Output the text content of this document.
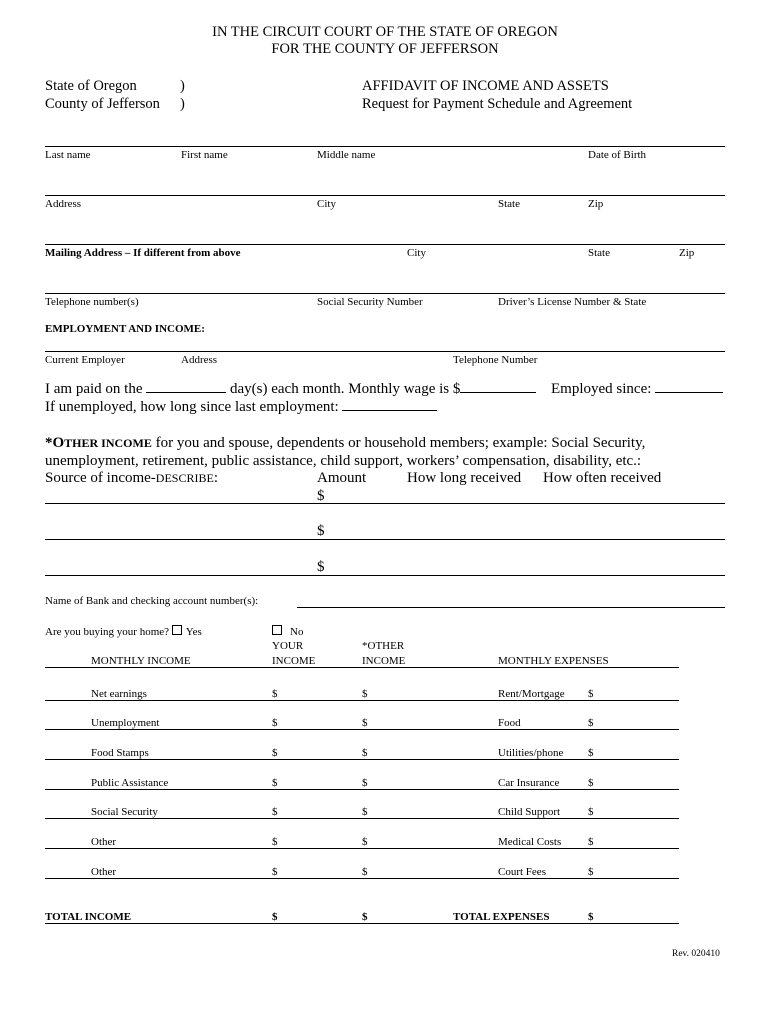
IN THE CIRCUIT COURT OF THE STATE OF OREGON
FOR THE COUNTY OF JEFFERSON
State of Oregon
County of Jefferson
)
)
AFFIDAVIT OF INCOME AND ASSETS
Request for Payment Schedule and Agreement
Last name	First name	Middle name	Date of Birth
Address	City	State	Zip
Mailing Address – If different from above	City	State	Zip
Telephone number(s)	Social Security Number	Driver’s License Number & State
EMPLOYMENT AND INCOME:
Current Employer	Address	Telephone Number
I am paid on the	day(s) each month. Monthly wage is $	Employed since:
If unemployed, how long since last employment:
*OTHER INCOME for you and spouse, dependents or household members; example: Social Security,
unemployment, retirement, public assistance, child support, workers’ compensation, disability, etc.:
Source of income-DESCRIBE:	Amount	How long received How often received
$
$
$
Name of Bank and checking account number(s):
Are you buying your home? Yes	No
YOUR
INCOME
*OTHER
INCOME
MONTHLY INCOME	MONTHLY EXPENSES
Net earnings	$	$	Rent/Mortgage $
Unemployment	$	$	Food	$
Food Stamps	$	$	Utilities/phone $
Public Assistance	$	$	Car Insurance	$
Social Security	$	$	Child Support	$
Other	$	$	Medical Costs $
Other	$	$	Court Fees	$
TOTAL INCOME	$	$	TOTAL EXPENSES	$
Rev. 020410
